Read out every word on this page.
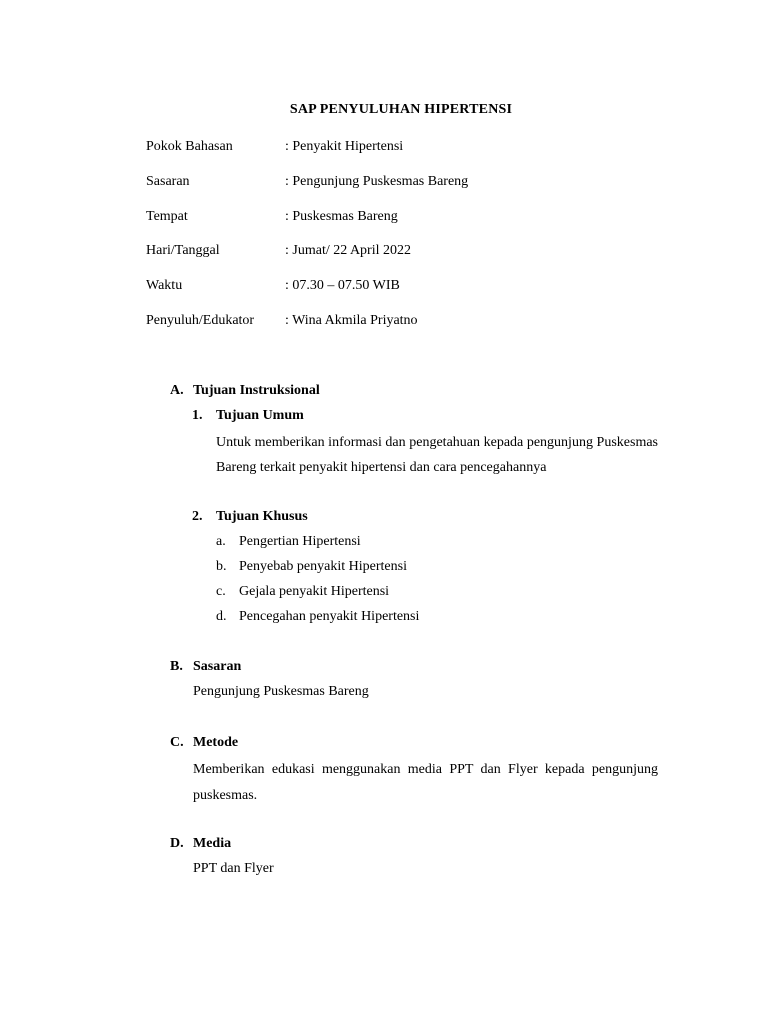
SAP PENYULUHAN HIPERTENSI
Pokok Bahasan	: Penyakit Hipertensi
Sasaran	: Pengunjung Puskesmas Bareng
Tempat	: Puskesmas Bareng
Hari/Tanggal	: Jumat/ 22 April 2022
Waktu	: 07.30 – 07.50 WIB
Penyuluh/Edukator : Wina Akmila Priyatno
A. Tujuan Instruksional
1. Tujuan Umum
Untuk memberikan informasi dan pengetahuan kepada pengunjung Puskesmas Bareng terkait penyakit hipertensi dan cara pencegahannya
2. Tujuan Khusus
a. Pengertian Hipertensi
b. Penyebab penyakit Hipertensi
c. Gejala penyakit Hipertensi
d. Pencegahan penyakit Hipertensi
B. Sasaran
Pengunjung Puskesmas Bareng
C. Metode
Memberikan edukasi menggunakan media PPT dan Flyer kepada pengunjung puskesmas.
D. Media
PPT dan Flyer
